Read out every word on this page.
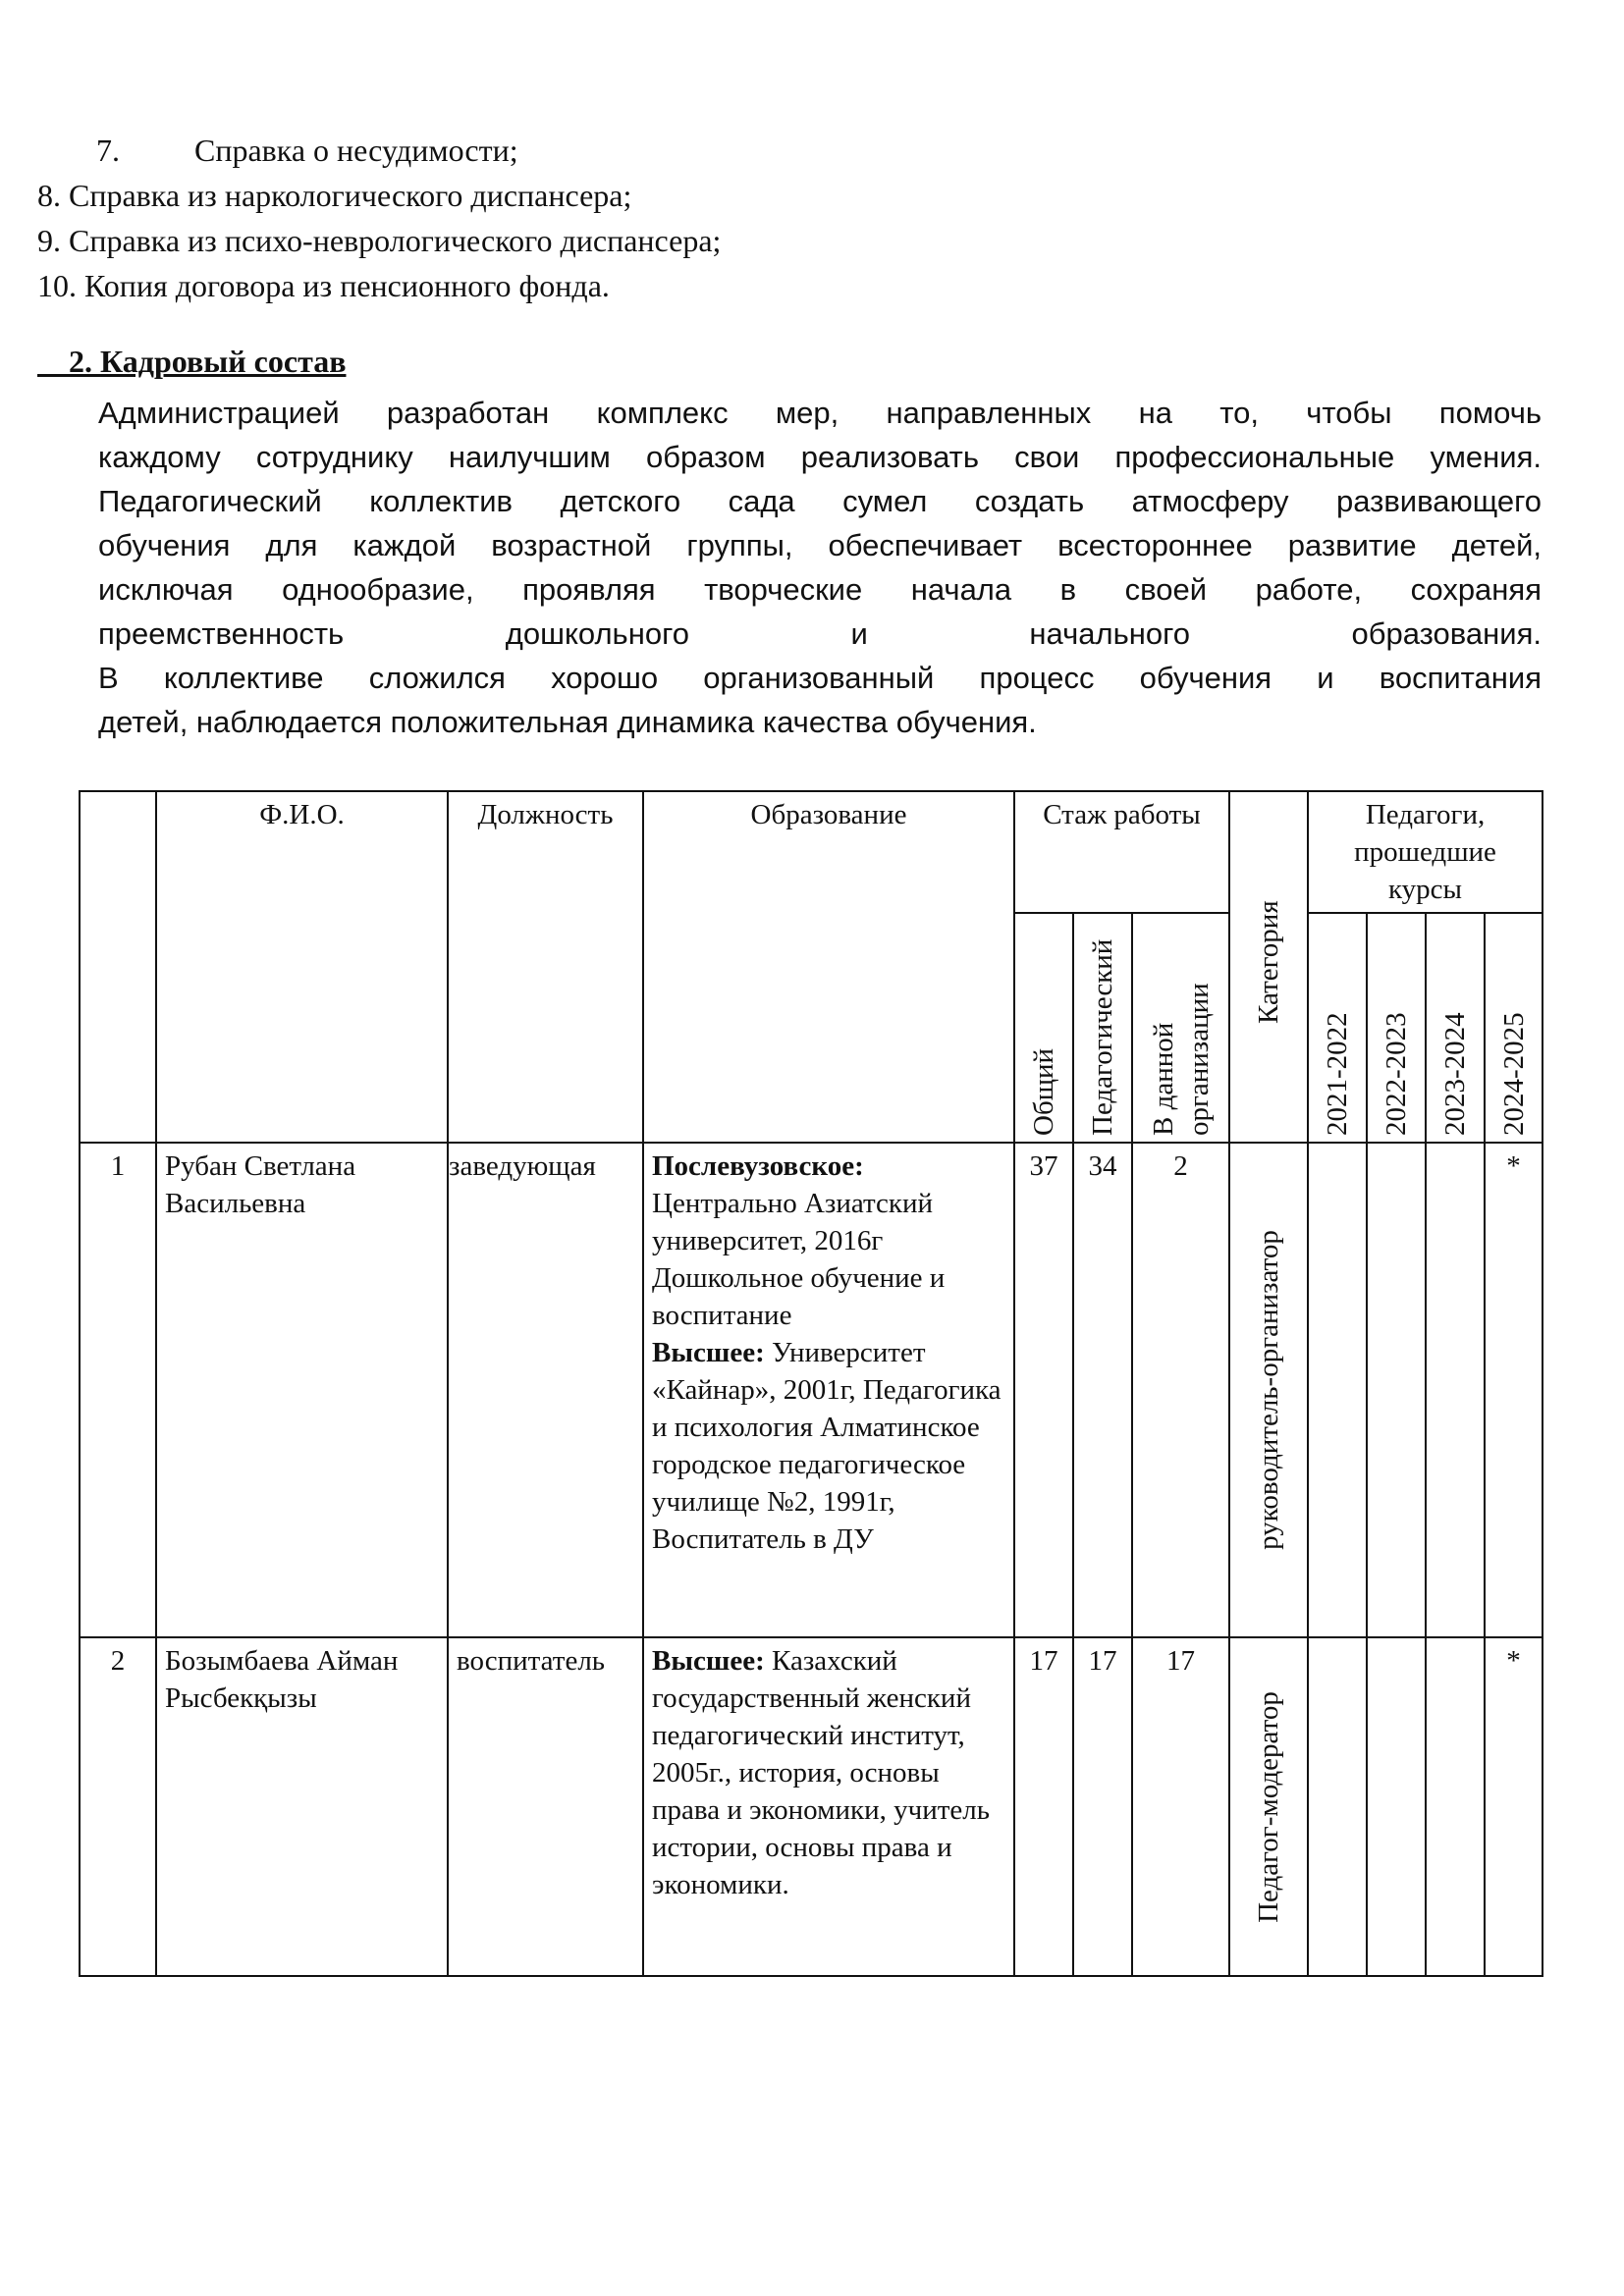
7. Справка о несудимости;
8. Справка из наркологического диспансера;
9. Справка из психо-неврологического диспансера;
10. Копия договора из пенсионного фонда.
2. Кадровый состав

Администрацией разработан комплекс мер, направленных на то, чтобы помочь

каждому сотруднику наилучшим образом реализовать свои профессиональные умения.

Педагогический коллектив детского сада сумел создать атмосферу развивающего

обучения для каждой возрастной группы, обеспечивает всестороннее развитие детей,

исключая однообразие, проявляя творческие начала в своей работе, сохраняя

преемственность дошкольного и начального образования.

В коллективе сложился хорошо организованный процесс обучения и воспитания

детей, наблюдается положительная динамика качества обучения.

	Ф.И.О.	Должность	Образование	Стаж работы			Категория	Педагоги, прошедшие курсы			

				Общий	Педагогический	В данной организации		2021-2022	2022-2023	2023-2024	2024-2025

1	Рубан Светлана Васильевна	заведующая	Послевузовское: Центрально Азиатский университет, 2016г Дошкольное обучение и воспитание
Высшее: Университет «Кайнар», 2001г, Педагогика и психология Алматинское городское педагогическое училище №2, 1991г, Воспитатель в ДУ	37	34	2	руководитель-организатор				*
2	Бозымбаева Айман Рысбекқызы	воспитатель	Высшее: Казахский государственный женский педагогический институт, 2005г., история, основы права и экономики, учитель истории, основы права и экономики.	17	17	17	Педагог-модератор				*
